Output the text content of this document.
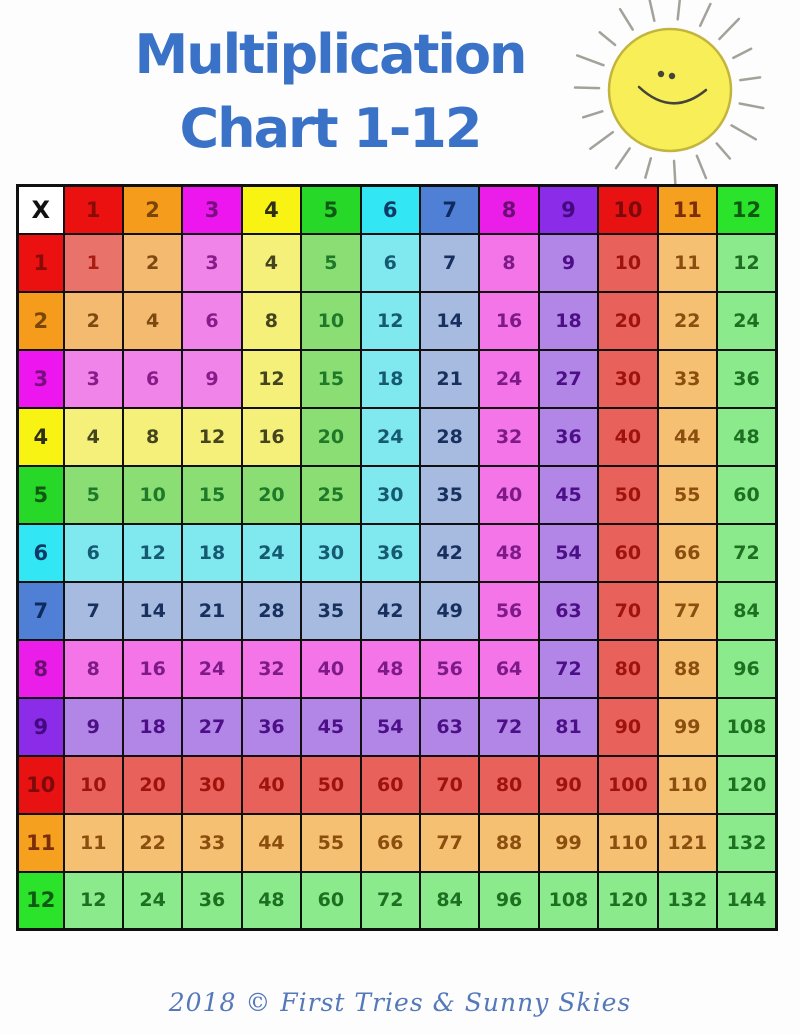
Multiplication
Chart 1-12
X	1	2	3	4	5	6	7	8	9	10	11	12
1	1	2	3	4	5	6	7	8	9	10	11	12
2	2	4	6	8	10	12	14	16	18	20	22	24
3	3	6	9	12	15	18	21	24	27	30	33	36
4	4	8	12	16	20	24	28	32	36	40	44	48
5	5	10	15	20	25	30	35	40	45	50	55	60
6	6	12	18	24	30	36	42	48	54	60	66	72
7	7	14	21	28	35	42	49	56	63	70	77	84
8	8	16	24	32	40	48	56	64	72	80	88	96
9	9	18	27	36	45	54	63	72	81	90	99	108
10	10	20	30	40	50	60	70	80	90	100	110	120
11	11	22	33	44	55	66	77	88	99	110	121	132
12	12	24	36	48	60	72	84	96	108	120	132	144
2018 © First Tries & Sunny Skies
